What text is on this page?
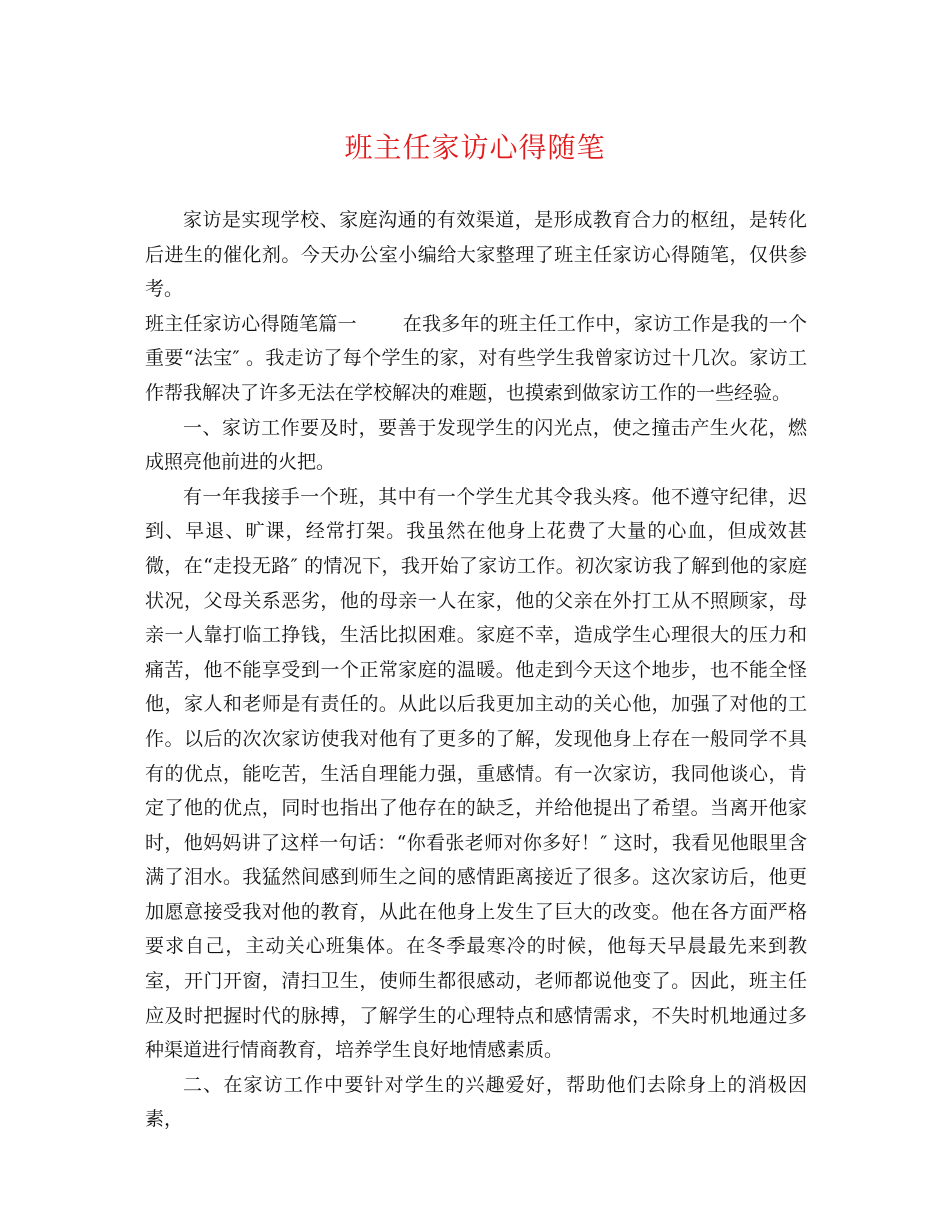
班主任家访心得随笔

家访是实现学校、家庭沟通的有效渠道，是形成教育合力的枢纽，是转化后进生的催化剂。今天办公室小编给大家整理了班主任家访心得随笔，仅供参考。

班主任家访心得随笔篇一 在我多年的班主任工作中，家访工作是我的一个重要“法宝″ 。我走访了每个学生的家，对有些学生我曾家访过十几次。家访工作帮我解决了许多无法在学校解决的难题，也摸索到做家访工作的一些经验。

一、家访工作要及时，要善于发现学生的闪光点，使之撞击产生火花，燃成照亮他前进的火把。

有一年我接手一个班，其中有一个学生尤其令我头疼。他不遵守纪律，迟到、早退、旷课，经常打架。我虽然在他身上花费了大量的心血，但成效甚微，在“走投无路″ 的情况下，我开始了家访工作。初次家访我了解到他的家庭状况，父母关系恶劣，他的母亲一人在家，他的父亲在外打工从不照顾家，母亲一人靠打临工挣钱，生活比拟困难。家庭不幸，造成学生心理很大的压力和痛苦，他不能享受到一个正常家庭的温暖。他走到今天这个地步，也不能全怪他，家人和老师是有责任的。从此以后我更加主动的关心他，加强了对他的工作。以后的次次家访使我对他有了更多的了解，发现他身上存在一般同学不具有的优点，能吃苦，生活自理能力强，重感情。有一次家访，我同他谈心，肯定了他的优点，同时也指出了他存在的缺乏，并给他提出了希望。当离开他家时，他妈妈讲了这样一句话：“你看张老师对你多好！″ 这时，我看见他眼里含满了泪水。我猛然间感到师生之间的感情距离接近了很多。这次家访后，他更加愿意接受我对他的教育，从此在他身上发生了巨大的改变。他在各方面严格要求自己，主动关心班集体。在冬季最寒冷的时候，他每天早晨最先来到教室，开门开窗，清扫卫生，使师生都很感动，老师都说他变了。因此，班主任应及时把握时代的脉搏，了解学生的心理特点和感情需求，不失时机地通过多种渠道进行情商教育，培养学生良好地情感素质。

二、在家访工作中要针对学生的兴趣爱好，帮助他们去除身上的消极因素，
